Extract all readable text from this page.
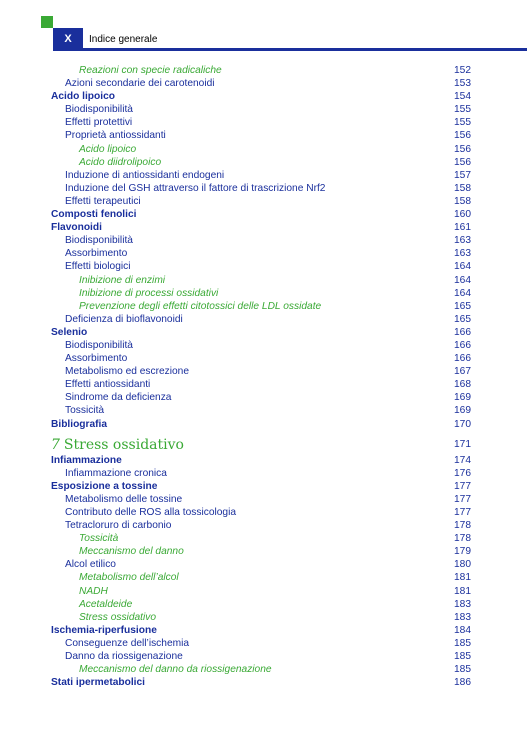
X	Indice generale
Reazioni con specie radicaliche	152
Azioni secondarie dei carotenoidi	153
Acido lipoico	154
Biodisponibilità	155
Effetti protettivi	155
Proprietà antiossidanti	156
Acido lipoico	156
Acido diidrolipoico	156
Induzione di antiossidanti endogeni	157
Induzione del GSH attraverso il fattore di trascrizione Nrf2	158
Effetti terapeutici	158
Composti fenolici	160
Flavonoidi	161
Biodisponibilità	163
Assorbimento	163
Effetti biologici	164
Inibizione di enzimi	164
Inibizione di processi ossidativi	164
Prevenzione degli effetti citotossici delle LDL ossidate	165
Deficienza di bioflavonoidi	165
Selenio	166
Biodisponibilità	166
Assorbimento	166
Metabolismo ed escrezione	167
Effetti antiossidanti	168
Sindrome da deficienza	169
Tossicità	169
Bibliografia	170
7 Stress ossidativo	171
Infiammazione	174
Infiammazione cronica	176
Esposizione a tossine	177
Metabolismo delle tossine	177
Contributo delle ROS alla tossicologia	177
Tetracloruro di carbonio	178
Tossicità	178
Meccanismo del danno	179
Alcol etilico	180
Metabolismo dell’alcol	181
NADH	181
Acetaldeide	183
Stress ossidativo	183
Ischemia-riperfusione	184
Conseguenze dell’ischemia	185
Danno da riossigenazione	185
Meccanismo del danno da riossigenazione	185
Stati ipermetabolici	186
